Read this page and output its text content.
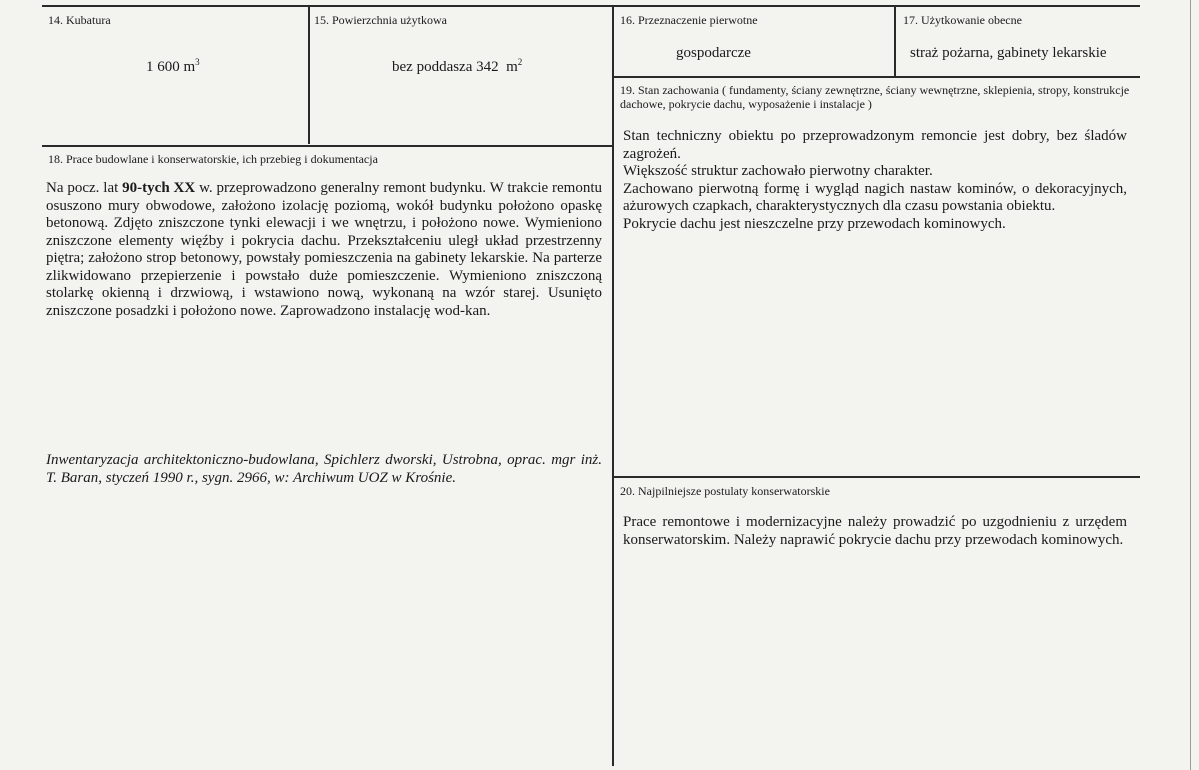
14. Kubatura
1 600 $m^3$
15. Powierzchnia użytkowa
bez poddasza 342  $m^2$
16. Przeznaczenie pierwotne
gospodarcze
17. Użytkowanie obecne
straż pożarna, gabinety lekarskie
19. Stan zachowania ( fundamenty, ściany zewnętrzne, ściany wewnętrzne, sklepienia, stropy, konstrukcje dachowe, pokrycie dachu, wyposażenie i instalacje )

Stan techniczny obiektu po przeprowadzonym remoncie jest dobry, bez śladów zagrożeń.

Większość struktur zachowało pierwotny charakter.

Zachowano pierwotną formę i wygląd nagich nastaw kominów, o dekoracyjnych, ażurowych czapkach, charakterystycznych dla czasu powstania obiektu.

Pokrycie dachu jest nieszczelne przy przewodach kominowych.

18. Prace budowlane i konserwatorskie, ich przebieg i dokumentacja

Na pocz. lat 90-tych XX w. przeprowadzono generalny remont budynku. W trakcie remontu osuszono mury obwodowe, założono izolację poziomą, wokół budynku położono opaskę betonową. Zdjęto zniszczone tynki elewacji i we wnętrzu, i położono nowe. Wymieniono zniszczone elementy więźby i pokrycia dachu. Przekształceniu uległ układ przestrzenny piętra; założono strop betonowy, powstały pomieszczenia na gabinety lekarskie. Na parterze zlikwidowano przepierzenie i powstało duże pomieszczenie. Wymieniono zniszczoną stolarkę okienną i drzwiową, i wstawiono nową, wykonaną na wzór starej. Usunięto zniszczone posadzki i położono nowe. Zaprowadzono instalację wod-kan.

Inwentaryzacja architektoniczno-budowlana, Spichlerz dworski, Ustrobna, oprac. mgr inż. T. Baran, styczeń 1990 r., sygn. 2966, w: Archiwum UOZ w Krośnie.
20. Najpilniejsze postulaty konserwatorskie
Prace remontowe i modernizacyjne należy prowadzić po uzgodnieniu z urzędem konserwatorskim. Należy naprawić pokrycie dachu przy przewodach kominowych.
